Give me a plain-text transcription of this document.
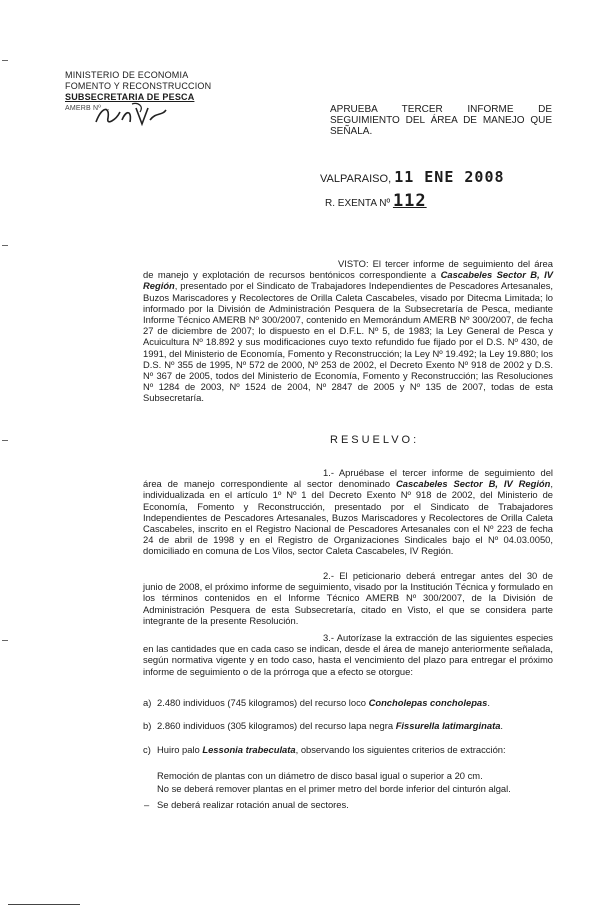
MINISTERIO DE ECONOMIA
FOMENTO Y RECONSTRUCCION
SUBSECRETARIA DE PESCA
AMERB Nº ...	APRUEBA TERCER INFORME DE SEGUIMIENTO DEL ÁREA DE MANEJO QUE SEÑALA.
VALPARAISO, 11 ENE 2008
R. EXENTA Nº 112
VISTO: El tercer informe de seguimiento del área de manejo y explotación de recursos bentónicos correspondiente a Cascabeles Sector B, IV Región, presentado por el Sindicato de Trabajadores Independientes de Pescadores Artesanales, Buzos Mariscadores y Recolectores de Orilla Caleta Cascabeles, visado por Ditecma Limitada; lo informado por la División de Administración Pesquera de la Subsecretaría de Pesca, mediante Informe Técnico AMERB Nº 300/2007, contenido en Memorándum AMERB Nº 300/2007, de fecha 27 de diciembre de 2007; lo dispuesto en el D.F.L. Nº 5, de 1983; la Ley General de Pesca y Acuicultura Nº 18.892 y sus modificaciones cuyo texto refundido fue fijado por el D.S. Nº 430, de 1991, del Ministerio de Economía, Fomento y Reconstrucción; la Ley Nº 19.492; la Ley 19.880; los D.S. Nº 355 de 1995, Nº 572 de 2000, Nº 253 de 2002, el Decreto Exento Nº 918 de 2002 y D.S. Nº 367 de 2005, todos del Ministerio de Economía, Fomento y Reconstrucción; las Resoluciones Nº 1284 de 2003, Nº 1524 de 2004, Nº 2847 de 2005 y Nº 135 de 2007, todas de esta Subsecretaría.
RESUELVO:
1.- Apruébase el tercer informe de seguimiento del área de manejo correspondiente al sector denominado Cascabeles Sector B, IV Región, individualizada en el artículo 1º Nº 1 del Decreto Exento Nº 918 de 2002, del Ministerio de Economía, Fomento y Reconstrucción, presentado por el Sindicato de Trabajadores Independientes de Pescadores Artesanales, Buzos Mariscadores y Recolectores de Orilla Caleta Cascabeles, inscrito en el Registro Nacional de Pescadores Artesanales con el Nº 223 de fecha 24 de abril de 1998 y en el Registro de Organizaciones Sindicales bajo el Nº 04.03.0050, domiciliado en comuna de Los Vilos, sector Caleta Cascabeles, IV Región.
2.- El peticionario deberá entregar antes del 30 de junio de 2008, el próximo informe de seguimiento, visado por la Institución Técnica y formulado en los términos contenidos en el Informe Técnico AMERB Nº 300/2007, de la División de Administración Pesquera de esta Subsecretaría, citado en Visto, el que se considera parte integrante de la presente Resolución.
3.- Autorízase la extracción de las siguientes especies en las cantidades que en cada caso se indican, desde el área de manejo anteriormente señalada, según normativa vigente y en todo caso, hasta el vencimiento del plazo para entregar el próximo informe de seguimiento o de la prórroga que a efecto se otorgue:
a) 2.480 individuos (745 kilogramos) del recurso loco Concholepas concholepas.
b) 2.860 individuos (305 kilogramos) del recurso lapa negra Fissurella latimarginata.
c) Huiro palo Lessonia trabeculata, observando los siguientes criterios de extracción:
Remoción de plantas con un diámetro de disco basal igual o superior a 20 cm.
No se deberá remover plantas en el primer metro del borde inferior del cinturón algal.
– Se deberá realizar rotación anual de sectores.
